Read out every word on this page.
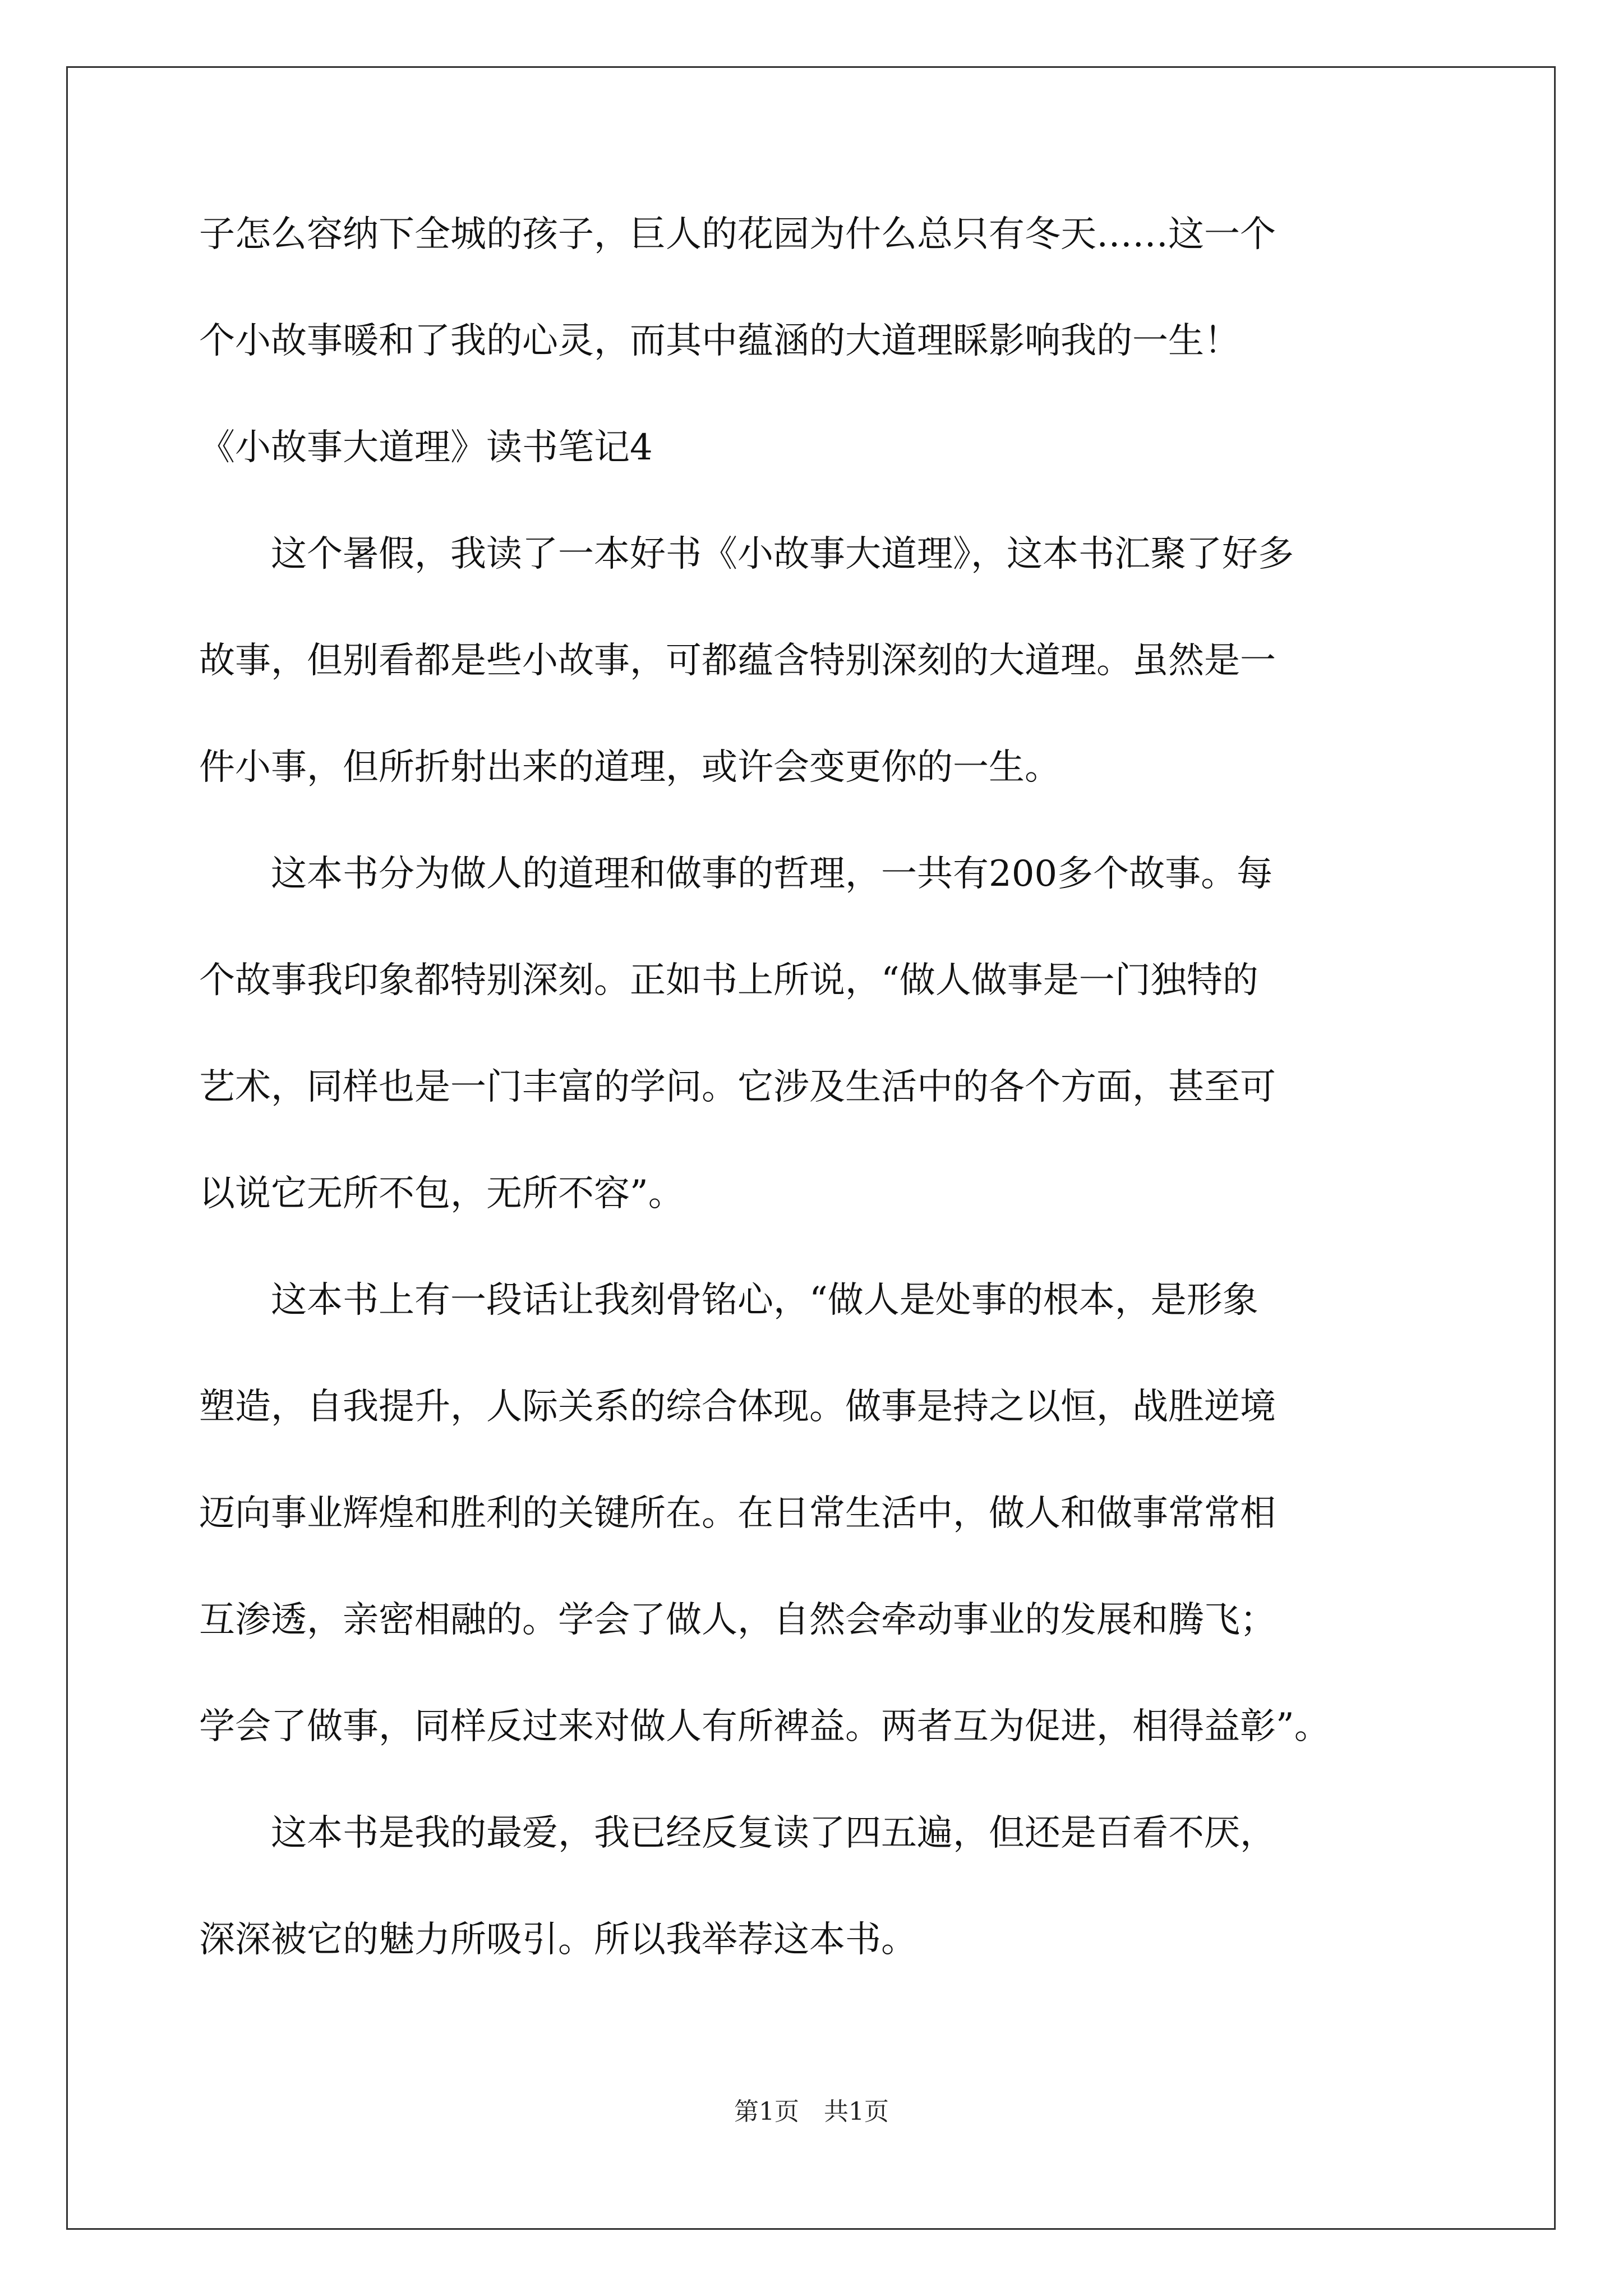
子怎么容纳下全城的孩子，巨人的花园为什么总只有冬天……这一个
个小故事暖和了我的心灵，而其中蕴涵的大道理睬影响我的一生！
《小故事大道理》读书笔记4
这个暑假，我读了一本好书《小故事大道理》，这本书汇聚了好多
故事，但别看都是些小故事，可都蕴含特别深刻的大道理。虽然是一
件小事，但所折射出来的道理，或许会变更你的一生。
这本书分为做人的道理和做事的哲理，一共有200多个故事。每
个故事我印象都特别深刻。正如书上所说，“做人做事是一门独特的
艺术，同样也是一门丰富的学问。它涉及生活中的各个方面，甚至可
以说它无所不包，无所不容”。
这本书上有一段话让我刻骨铭心，“做人是处事的根本，是形象
塑造，自我提升，人际关系的综合体现。做事是持之以恒，战胜逆境
迈向事业辉煌和胜利的关键所在。在日常生活中，做人和做事常常相
互渗透，亲密相融的。学会了做人，自然会牵动事业的发展和腾飞；
学会了做事，同样反过来对做人有所裨益。两者互为促进，相得益彰”。
这本书是我的最爱，我已经反复读了四五遍，但还是百看不厌，
深深被它的魅力所吸引。所以我举荐这本书。
第1页　共1页
